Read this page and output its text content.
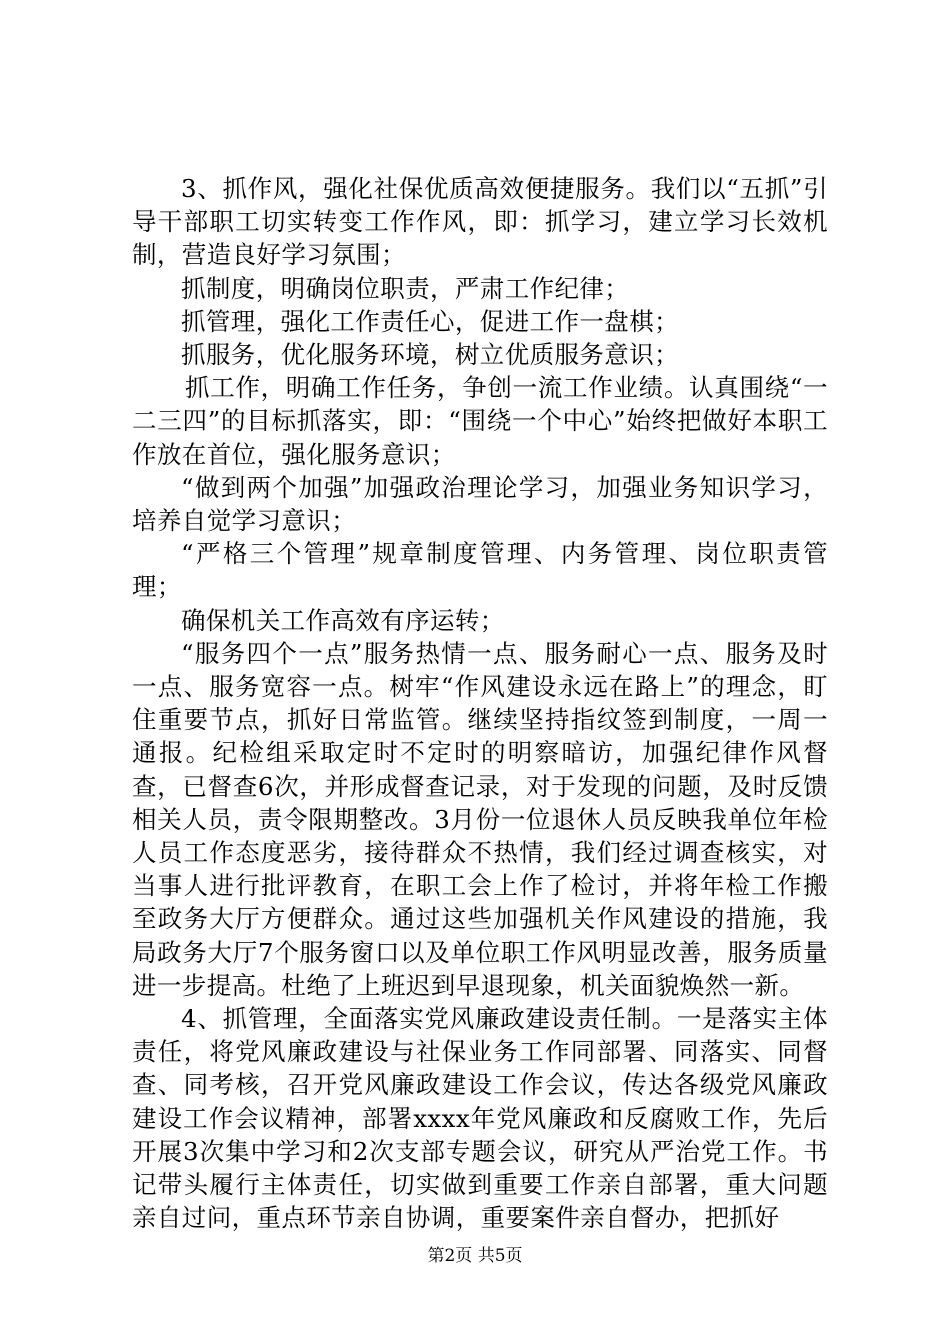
3、抓作风，强化社保优质高效便捷服务。我们以“五抓”引导干部职工切实转变工作作风，即：抓学习，建立学习长效机制，营造良好学习氛围；

抓制度，明确岗位职责，严肃工作纪律；

抓管理，强化工作责任心，促进工作一盘棋；

抓服务，优化服务环境，树立优质服务意识；

抓工作，明确工作任务，争创一流工作业绩。认真围绕“一二三四”的目标抓落实，即：“围绕一个中心”始终把做好本职工作放在首位，强化服务意识；

“做到两个加强”加强政治理论学习，加强业务知识学习，培养自觉学习意识；

“严格三个管理”规章制度管理、内务管理、岗位职责管理；

确保机关工作高效有序运转；

“服务四个一点”服务热情一点、服务耐心一点、服务及时一点、服务宽容一点。树牢“作风建设永远在路上”的理念，盯住重要节点，抓好日常监管。继续坚持指纹签到制度，一周一通报。纪检组采取定时不定时的明察暗访，加强纪律作风督查，已督查6次，并形成督查记录，对于发现的问题，及时反馈相关人员，责令限期整改。3月份一位退休人员反映我单位年检人员工作态度恶劣，接待群众不热情，我们经过调查核实，对当事人进行批评教育，在职工会上作了检讨，并将年检工作搬至政务大厅方便群众。通过这些加强机关作风建设的措施，我局政务大厅7个服务窗口以及单位职工作风明显改善，服务质量进一步提高。杜绝了上班迟到早退现象，机关面貌焕然一新。

4、抓管理，全面落实党风廉政建设责任制。一是落实主体责任，将党风廉政建设与社保业务工作同部署、同落实、同督查、同考核，召开党风廉政建设工作会议，传达各级党风廉政建设工作会议精神，部署xxxx年党风廉政和反腐败工作，先后开展3次集中学习和2次支部专题会议，研究从严治党工作。书记带头履行主体责任，切实做到重要工作亲自部署，重大问题亲自过问，重点环节亲自协调，重要案件亲自督办，把抓好

第2页 共5页
